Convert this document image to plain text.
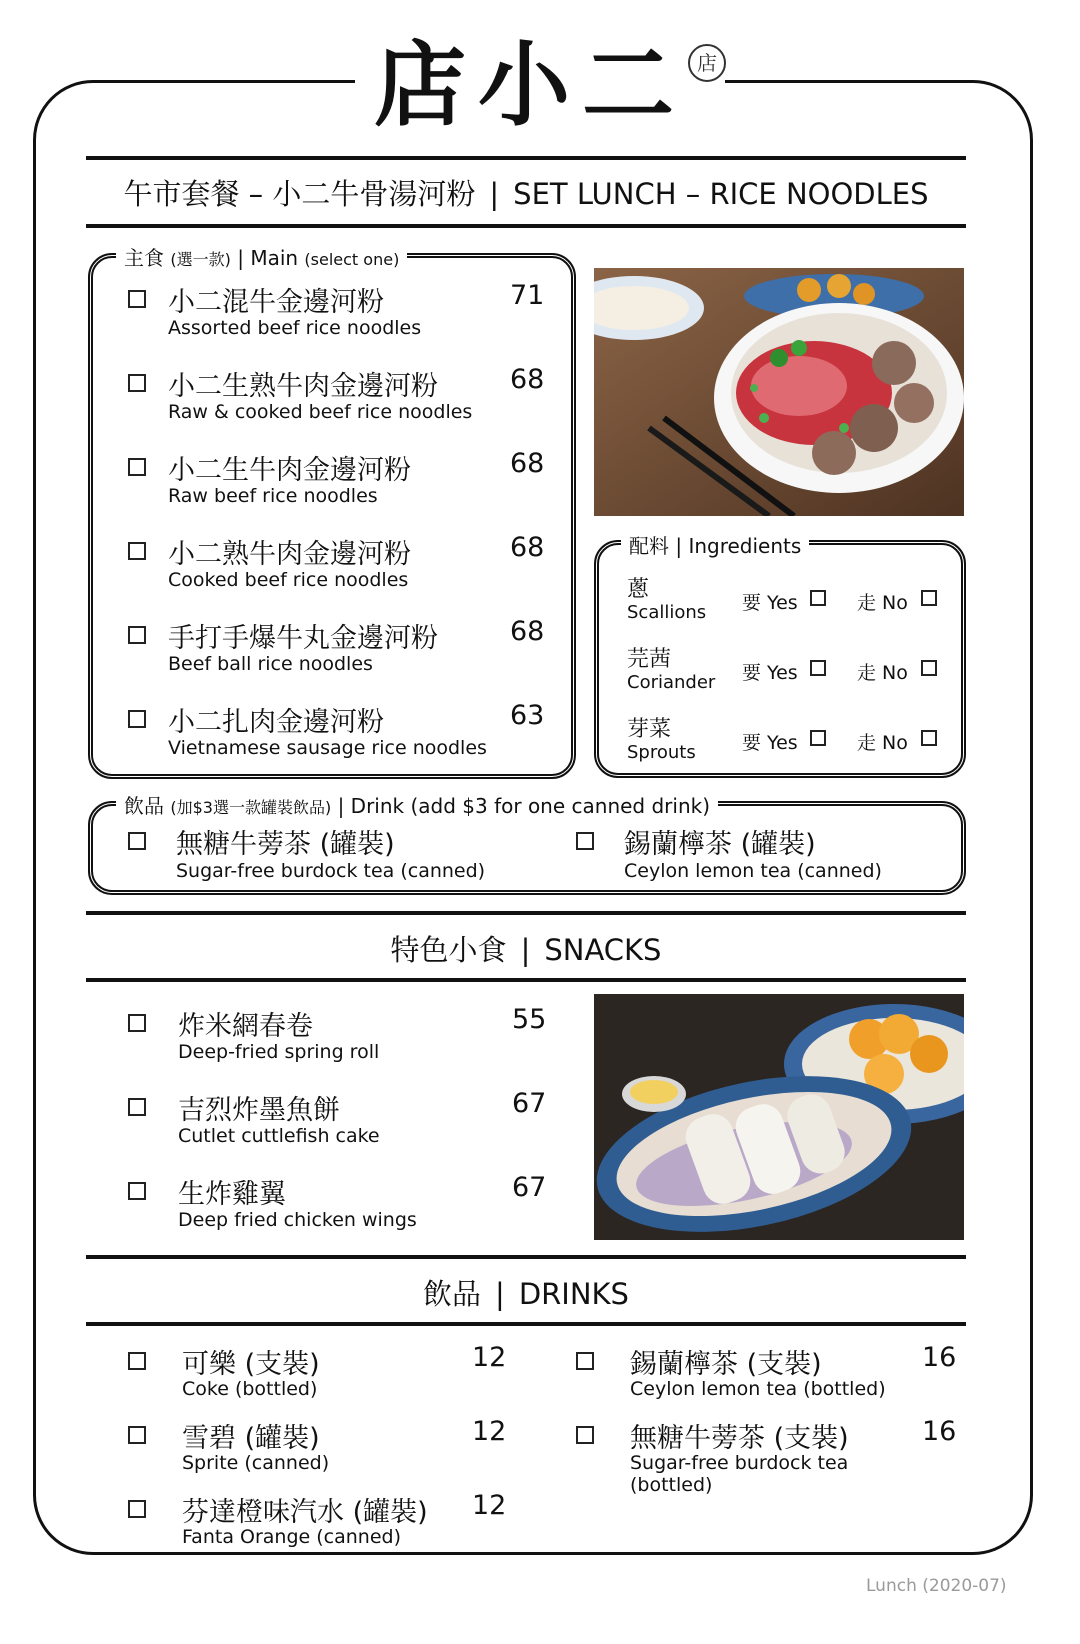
店小二 店
午市套餐 – 小二牛骨湯河粉 | SET LUNCH – RICE NOODLES
主食 (選一款) | Main (select one)
小二混牛金邊河粉
Assorted beef rice noodles
71
小二生熟牛肉金邊河粉
Raw & cooked beef rice noodles
68
小二生牛肉金邊河粉
Raw beef rice noodles
68
小二熟牛肉金邊河粉
Cooked beef rice noodles
68
手打手爆牛丸金邊河粉
Beef ball rice noodles
68
小二扎肉金邊河粉
Vietnamese sausage rice noodles
63
配料 | Ingredients
蔥
Scallions 要 Yes	走 No
芫茜
Coriander 要 Yes	走 No
芽菜
Sprouts 要 Yes	走 No
飲品 (加$3選一款罐裝飲品) | Drink (add $3 for one canned drink)
無糖牛蒡茶 (罐裝)
Sugar-free burdock tea (canned)
錫蘭檸茶 (罐裝)
Ceylon lemon tea (canned)
特色小食 | SNACKS
炸米網春卷
Deep-fried spring roll
55
吉烈炸墨魚餅
Cutlet cuttlefish cake
67
生炸雞翼
Deep fried chicken wings
67
飲品 | DRINKS
可樂 (支裝)
Coke (bottled)
12
雪碧 (罐裝)
Sprite (canned)
12
芬達橙味汽水 (罐裝)
Fanta Orange (canned)
12
錫蘭檸茶 (支裝)
Ceylon lemon tea (bottled)
16
無糖牛蒡茶 (支裝)
Sugar-free burdock tea
(bottled)
16
Lunch (2020-07)
